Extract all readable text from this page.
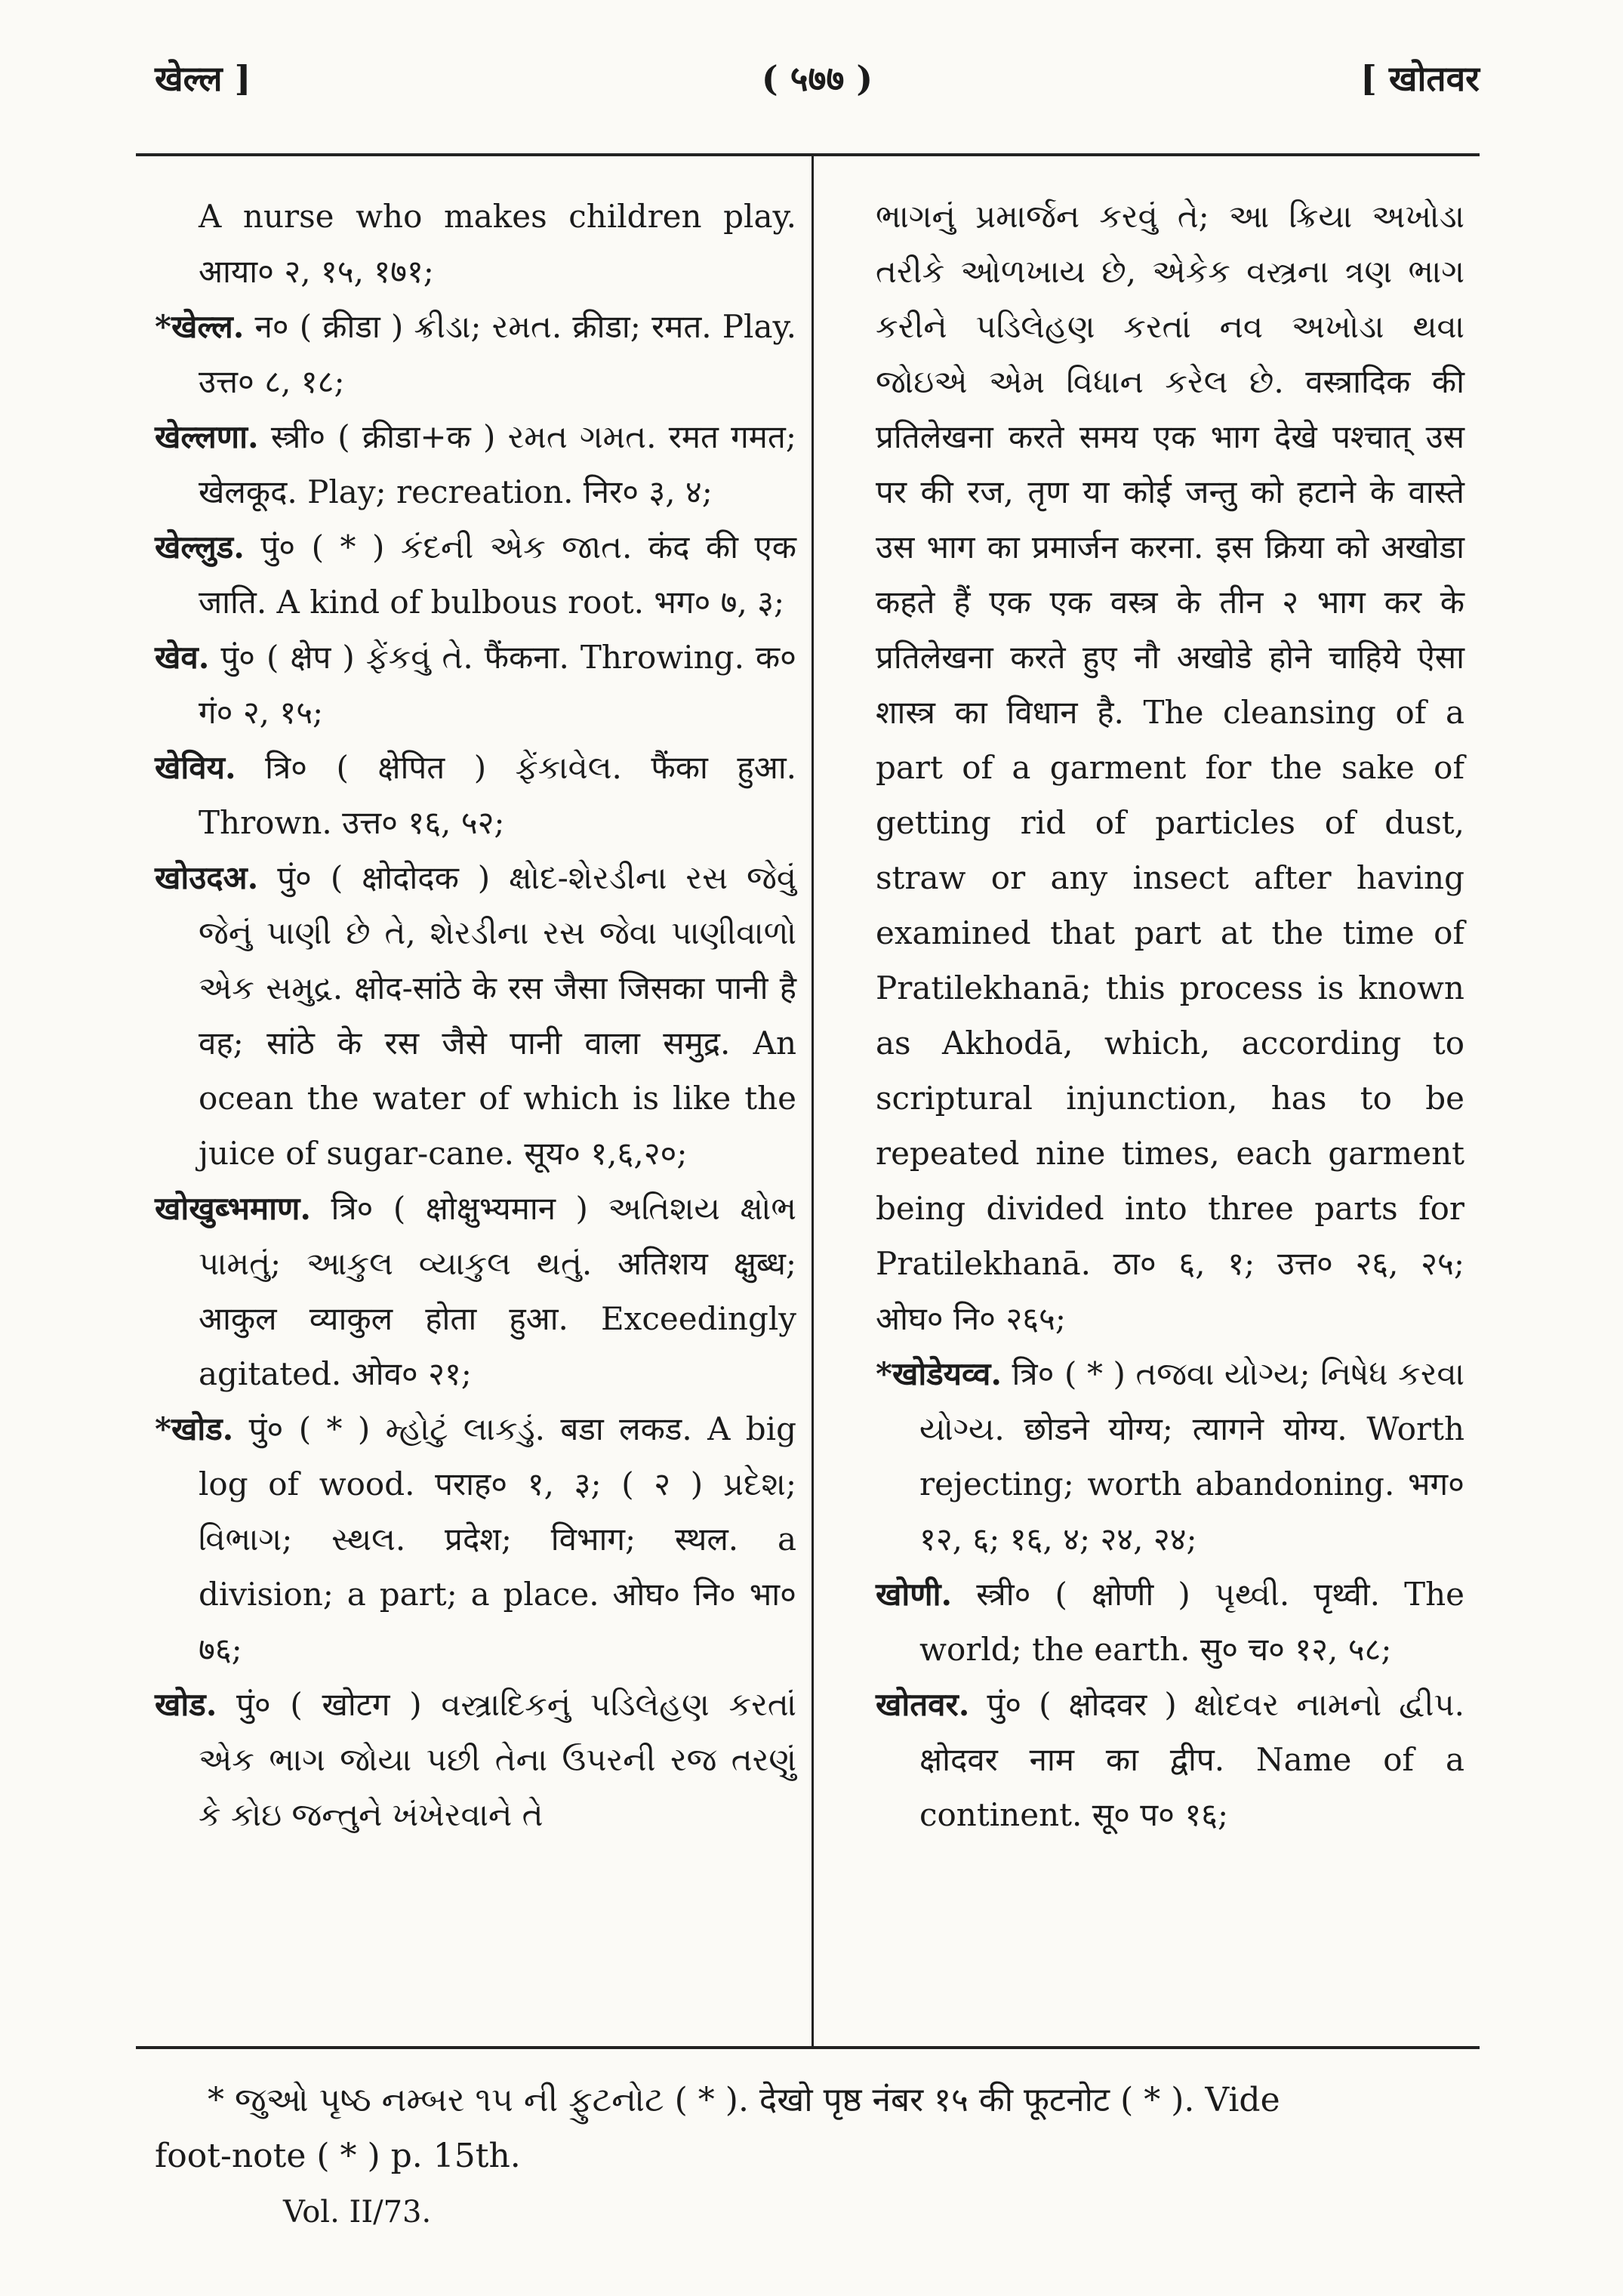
खेल्ल ]	( ५७७ )	[ खोतवर

A nurse who makes children play. आया० २, १५, १७१;

*खेल्ल. न० ( क्रीडा ) ક્રીડા; રમત. क्रीडा; रमत. Play. उत्त० ८, १८;

खेल्लणा. स्त्री० ( क्रीडा+क ) રમત ગમત. रमत गमत; खेलकूद. Play; recreation. निर० ३, ४;

खेल्लुड. पुं० ( * ) કંદની એક જાત. कंद की एक जाति. A kind of bulbous root. भग० ७, ३;

खेव. पुं० ( क्षेप ) ફેંકવું તે. फैंकना. Throwing. क० गं० २, १५;

खेविय. त्रि० ( क्षेपित ) ફેંકાવેલ. फैंका हुआ. Thrown. उत्त० १६, ५२;

खोउदअ. पुं० ( क्षोदोदक ) ક્ષોદ-શેરડીના રસ જેવું જેનું પાણી છે તે, શેરડીના રસ જેવા પાણીવાળો એક સમુદ્ર. क्षोद-सांठे के रस जैसा जिसका पानी है वह; सांठे के रस जैसे पानी वाला समुद्र. An ocean the water of which is like the juice of sugar-cane. सूय० १,६,२०;

खोखुब्भमाण. त्रि० ( क्षोक्षुभ्यमान ) અતિશય ક્ષોભ પામતું; આકુલ વ્યાકુલ થતું. अतिशय क्षुब्ध; आकुल व्याकुल होता हुआ. Exceedingly agitated. ओव० २१;

*खोड. पुं० ( * ) મ્હોટું લાકડું. बडा लकड. A big log of wood. पराह० १, ३; ( २ ) પ્રદેશ; વિભાગ; સ્થલ. प्रदेश; विभाग; स्थल. a division; a part; a place. ओघ० नि० भा० ७६;

खोड. पुं० ( खोटग ) વસ્ત્રાદિકનું પડિલેહણ કરતાં એક ભાગ જોયા પછી તેના ઉપરની રજ તરણું કે કોઇ જન્તુને ખંખેરવાને તે

ભાગનું પ્રમાર્જન કરવું તે; આ ક્રિયા અખોડા તરીકે ઓળખાય છે, એકેક વસ્ત્રના ત્રણ ભાગ કરીને પડિલેહણ કરતાં નવ અખોડા થવા જોઇએ એમ વિધાન કરેલ છે. वस्त्रादिक की प्रतिलेखना करते समय एक भाग देखे पश्चात् उस पर की रज, तृण या कोई जन्तु को हटाने के वास्ते उस भाग का प्रमार्जन करना. इस क्रिया को अखोडा कहते हैं एक एक वस्त्र के तीन २ भाग कर के प्रतिलेखना करते हुए नौ अखोडे होने चाहिये ऐसा शास्त्र का विधान है. The cleansing of a part of a garment for the sake of getting rid of particles of dust, straw or any insect after having examined that part at the time of Pratilekhanā; this process is known as Akhodā, which, according to scriptural injunction, has to be repeated nine times, each garment being divided into three parts for Pratilekhanā. ठा० ६, १; उत्त० २६, २५; ओघ० नि० २६५;

*खोडेयव्व. त्रि० ( * ) તજવા યોગ્ય; નિષેધ કરવા યોગ્ય. छोडने योग्य; त्यागने योग्य. Worth rejecting; worth abandoning. भग० १२, ६; १६, ४; २४, २४;

खोणी. स्त्री० ( क्षोणी ) પૃથ્વી. पृथ्वी. The world; the earth. सु० च० १२, ५८;

खोतवर. पुं० ( क्षोदवर ) ક્ષોદવર નામનો દ્વીપ. क्षोदवर नाम का द्वीप. Name of a continent. सू० प० १६;

* જુઓ પૃષ્ઠ નમ્બર ૧૫ ની ફુટનોટ ( * ). देखो पृष्ठ नंबर १५ की फूटनोट ( * ). Vide

foot-note ( * ) p. 15th.

Vol. II/73.
